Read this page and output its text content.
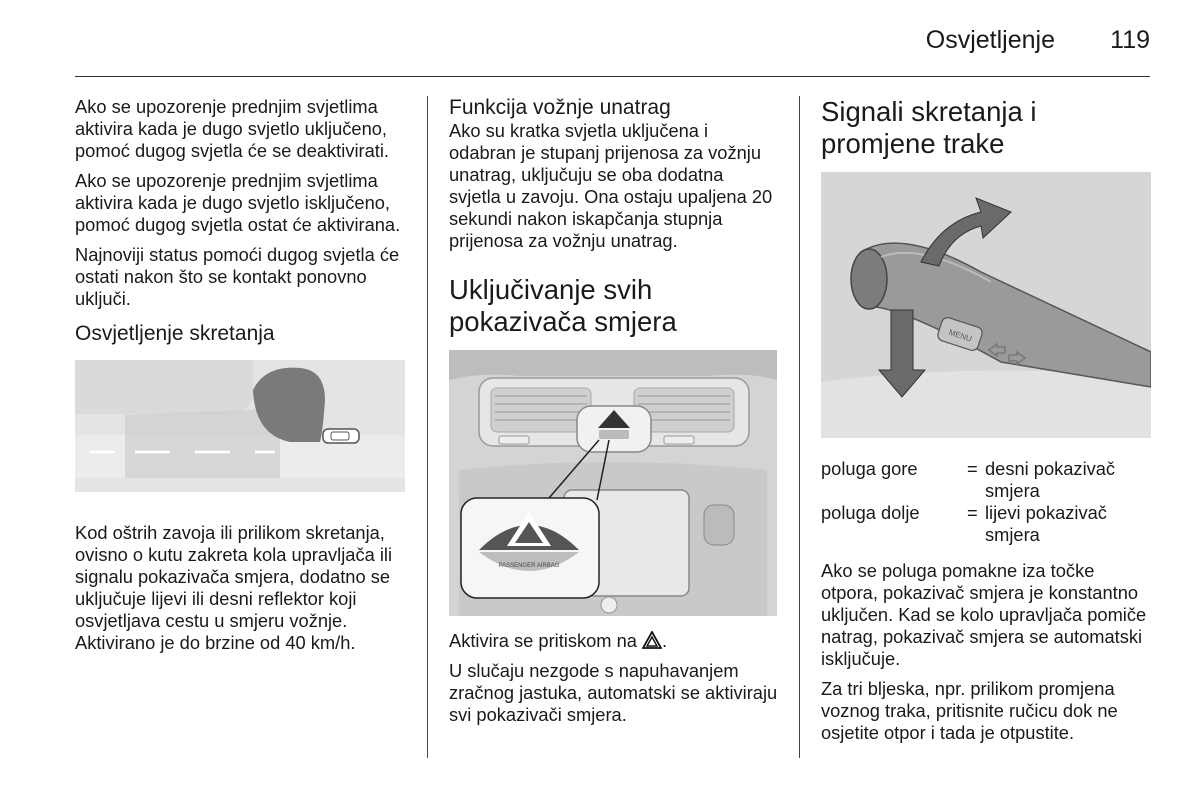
Osvjetljenje 119

Ako se upozorenje prednjim svjetlima aktivira kada je dugo svjetlo uključeno, pomoć dugog svjetla će se deaktivirati.

Ako se upozorenje prednjim svjetlima aktivira kada je dugo svjetlo isključeno, pomoć dugog svjetla ostat će aktivirana.

Najnoviji status pomoći dugog svjetla će ostati nakon što se kontakt ponovno uključi.

Osvjetljenje skretanja

Kod oštrih zavoja ili prilikom skretanja, ovisno o kutu zakreta kola upravljača ili signalu pokazivača smjera, dodatno se uključuje lijevi ili desni reflektor koji osvjetljava cestu u smjeru vožnje. Aktivirano je do brzine od 40 km/h.

Funkcija vožnje unatrag

Ako su kratka svjetla uključena i odabran je stupanj prijenosa za vožnju unatrag, uključuju se oba dodatna svjetla u zavoju. Ona ostaju upaljena 20 sekundi nakon iskapčanja stupnja prijenosa za vožnju unatrag.

Uključivanje svih pokazivača smjera
PASSENGER AIRBAG

Aktivira se pritiskom na .

U slučaju nezgode s napuhavanjem zračnog jastuka, automatski se aktiviraju svi pokazivači smjera.

Signali skretanja i promjene trake
MENU
poluga gore	= desni pokazivač smjera
poluga dolje	= lijevi pokazivač smjera

Ako se poluga pomakne iza točke otpora, pokazivač smjera je konstantno uključen. Kad se kolo upravljača pomiče natrag, pokazivač smjera se automatski isključuje.

Za tri bljeska, npr. prilikom promjena voznog traka, pritisnite ručicu dok ne osjetite otpor i tada je otpustite.
